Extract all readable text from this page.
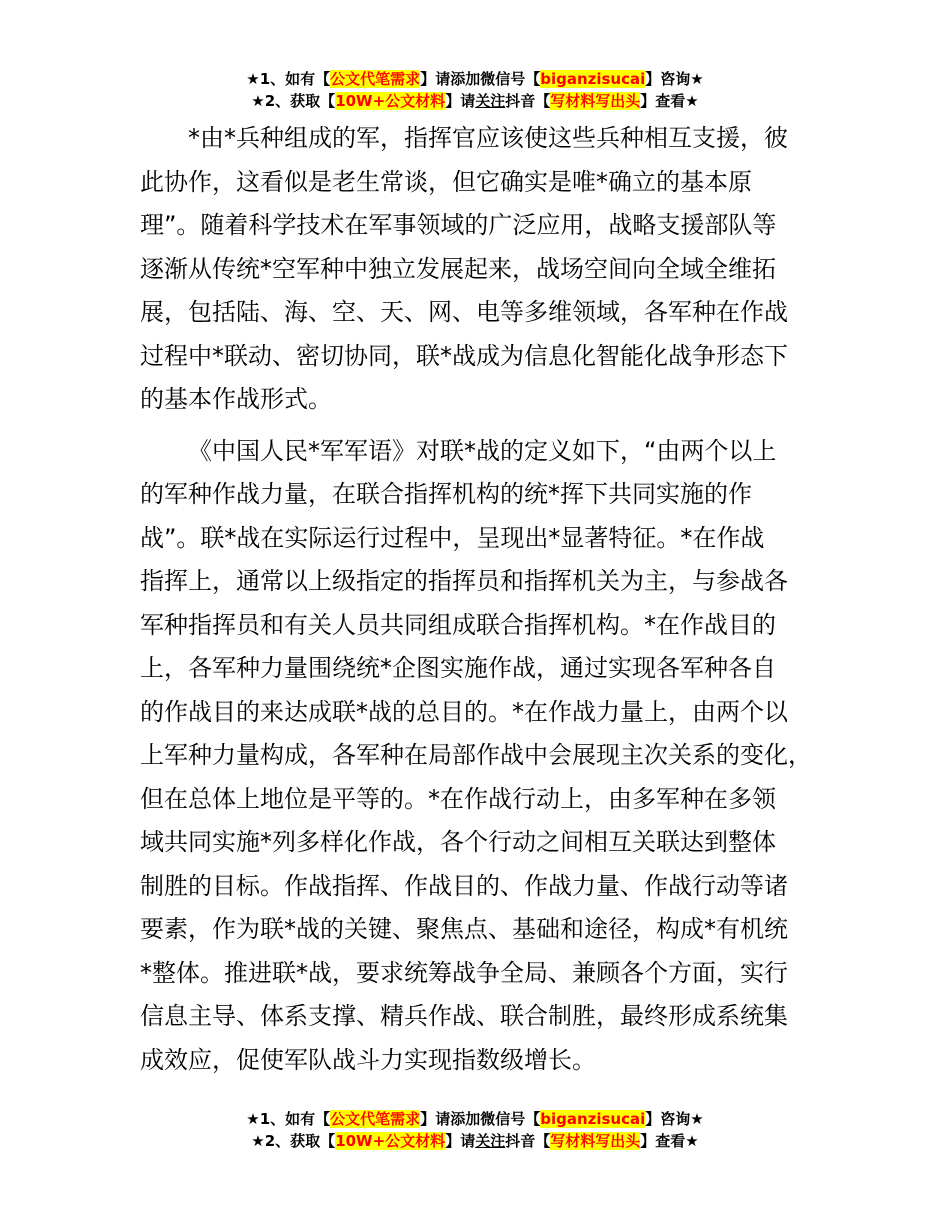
★1、如有【公文代笔需求】请添加微信号【biganzisucai】咨询★
★2、获取【10W+公文材料】请关注抖音【写材料写出头】查看★
*由*兵种组成的军，指挥官应该使这些兵种相互支援，彼
此协作，这看似是老生常谈，但它确实是唯*确立的基本原
理”。随着科学技术在军事领域的广泛应用，战略支援部队等
逐渐从传统*空军种中独立发展起来，战场空间向全域全维拓
展，包括陆、海、空、天、网、电等多维领域，各军种在作战
过程中*联动、密切协同，联*战成为信息化智能化战争形态下
的基本作战形式。
《中国人民*军军语》对联*战的定义如下，“由两个以上
的军种作战力量，在联合指挥机构的统*挥下共同实施的作
战”。联*战在实际运行过程中，呈现出*显著特征。*在作战
指挥上，通常以上级指定的指挥员和指挥机关为主，与参战各
军种指挥员和有关人员共同组成联合指挥机构。*在作战目的
上，各军种力量围绕统*企图实施作战，通过实现各军种各自
的作战目的来达成联*战的总目的。*在作战力量上，由两个以
上军种力量构成，各军种在局部作战中会展现主次关系的变化，
但在总体上地位是平等的。*在作战行动上，由多军种在多领
域共同实施*列多样化作战，各个行动之间相互关联达到整体
制胜的目标。作战指挥、作战目的、作战力量、作战行动等诸
要素，作为联*战的关键、聚焦点、基础和途径，构成*有机统
*整体。推进联*战，要求统筹战争全局、兼顾各个方面，实行
信息主导、体系支撑、精兵作战、联合制胜，最终形成系统集
成效应，促使军队战斗力实现指数级增长。
★1、如有【公文代笔需求】请添加微信号【biganzisucai】咨询★
★2、获取【10W+公文材料】请关注抖音【写材料写出头】查看★
